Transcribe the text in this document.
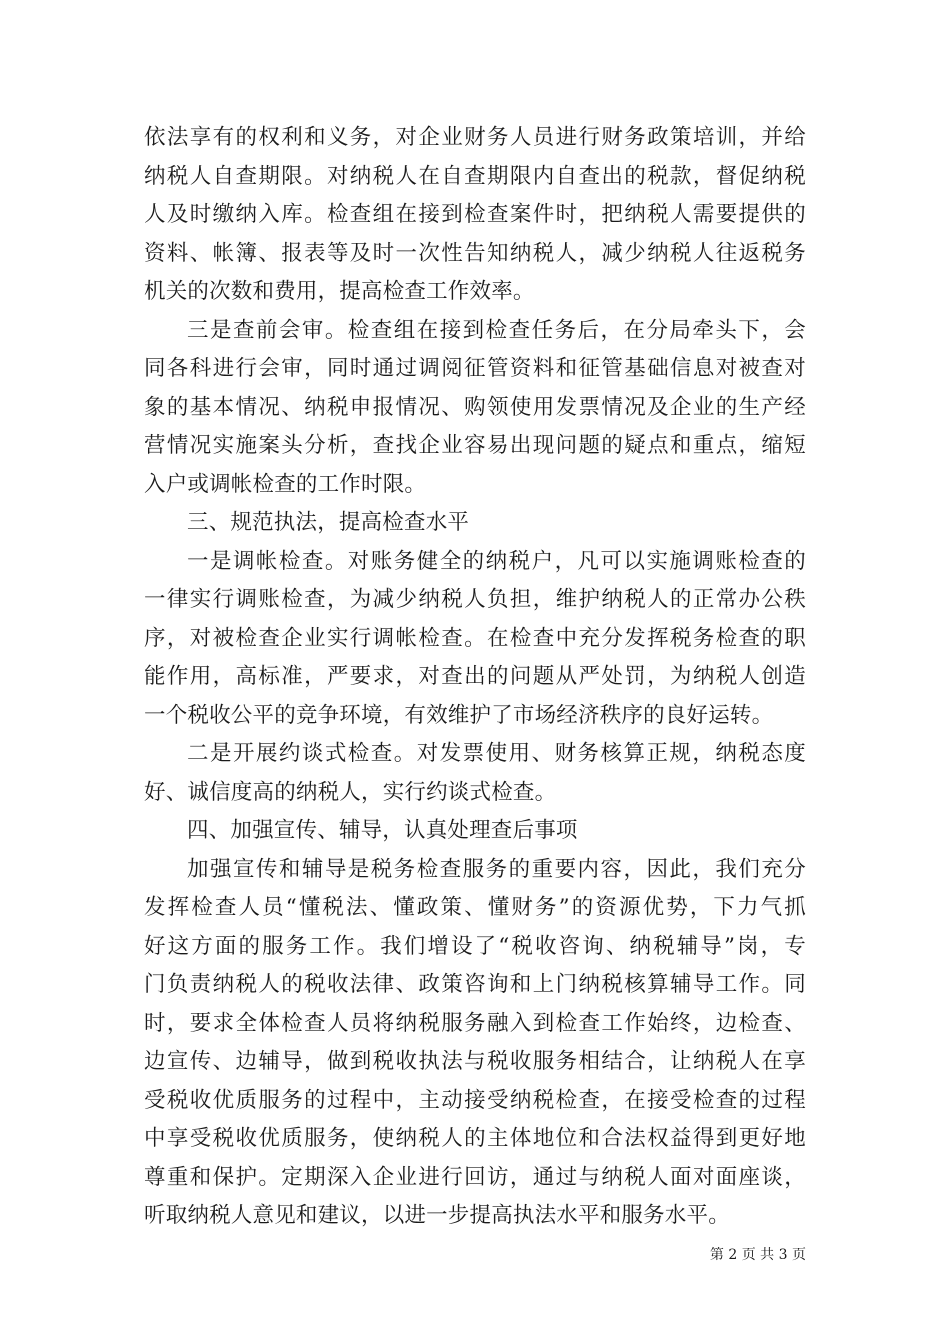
依法享有的权利和义务，对企业财务人员进行财务政策培训，并给
纳税人自查期限。对纳税人在自查期限内自查出的税款，督促纳税
人及时缴纳入库。检查组在接到检查案件时，把纳税人需要提供的
资料、帐簿、报表等及时一次性告知纳税人，减少纳税人往返税务
机关的次数和费用，提高检查工作效率。
三是查前会审。检查组在接到检查任务后，在分局牵头下，会
同各科进行会审，同时通过调阅征管资料和征管基础信息对被查对
象的基本情况、纳税申报情况、购领使用发票情况及企业的生产经
营情况实施案头分析，查找企业容易出现问题的疑点和重点，缩短
入户或调帐检查的工作时限。
三、规范执法，提高检查水平
一是调帐检查。对账务健全的纳税户，凡可以实施调账检查的
一律实行调账检查，为减少纳税人负担，维护纳税人的正常办公秩
序，对被检查企业实行调帐检查。在检查中充分发挥税务检查的职
能作用，高标准，严要求，对查出的问题从严处罚，为纳税人创造
一个税收公平的竞争环境，有效维护了市场经济秩序的良好运转。
二是开展约谈式检查。对发票使用、财务核算正规，纳税态度
好、诚信度高的纳税人，实行约谈式检查。
四、加强宣传、辅导，认真处理查后事项
加强宣传和辅导是税务检查服务的重要内容，因此，我们充分
发挥检查人员“懂税法、懂政策、懂财务”的资源优势，下力气抓
好这方面的服务工作。我们增设了“税收咨询、纳税辅导”岗，专
门负责纳税人的税收法律、政策咨询和上门纳税核算辅导工作。同
时，要求全体检查人员将纳税服务融入到检查工作始终，边检查、
边宣传、边辅导，做到税收执法与税收服务相结合，让纳税人在享
受税收优质服务的过程中，主动接受纳税检查，在接受检查的过程
中享受税收优质服务，使纳税人的主体地位和合法权益得到更好地
尊重和保护。定期深入企业进行回访，通过与纳税人面对面座谈，
听取纳税人意见和建议，以进一步提高执法水平和服务水平。
第 2 页 共 3 页
